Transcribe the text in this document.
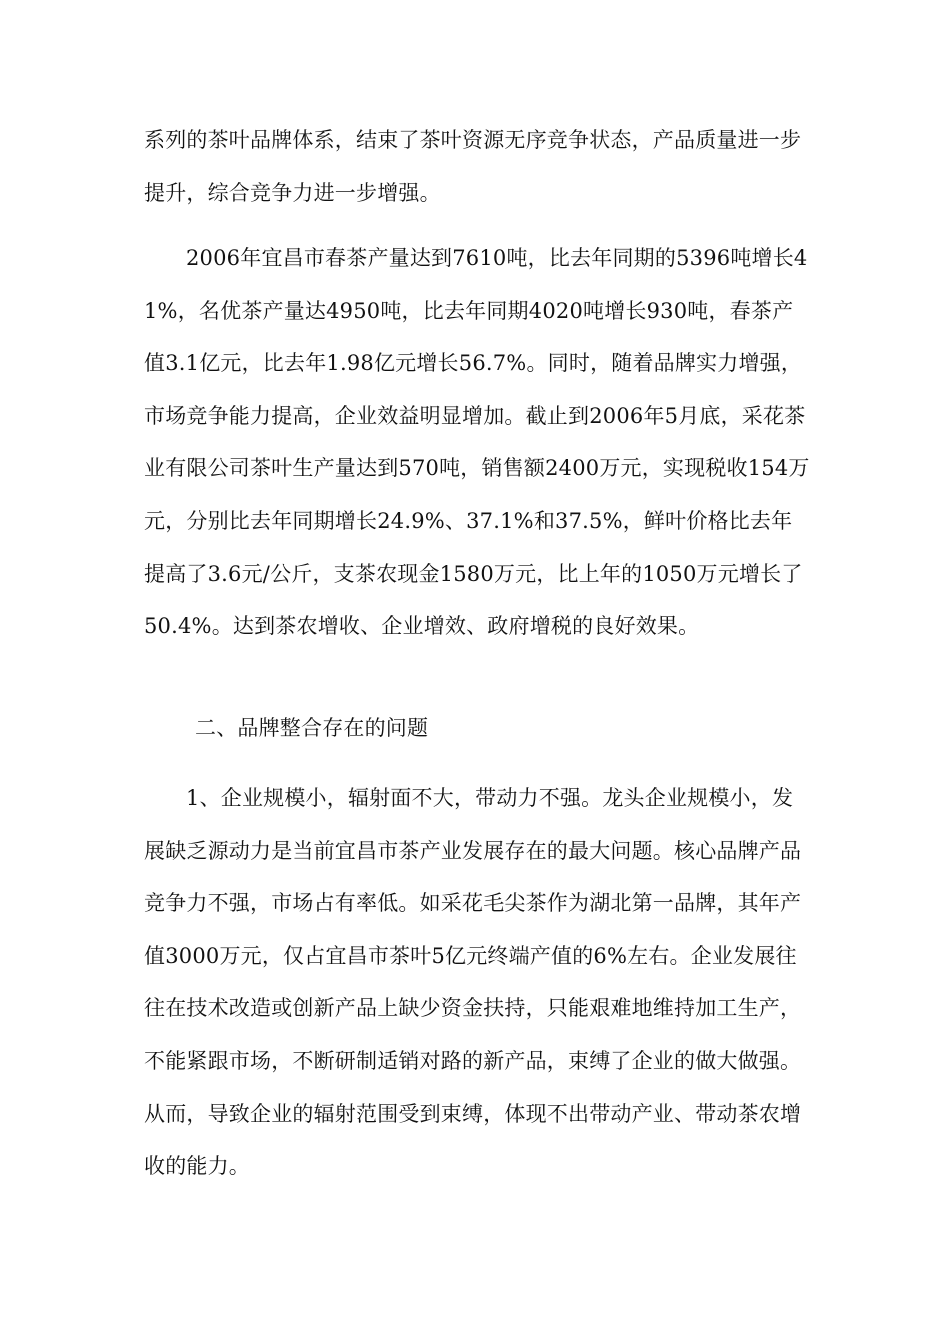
系列的茶叶品牌体系，结束了茶叶资源无序竞争状态，产品质量进一步提升，综合竞争力进一步增强。

2006年宜昌市春茶产量达到7610吨，比去年同期的5396吨增长41%，名优茶产量达4950吨，比去年同期4020吨增长930吨，春茶产值3.1亿元，比去年1.98亿元增长56.7%。同时，随着品牌实力增强，市场竞争能力提高，企业效益明显增加。截止到2006年5月底，采花茶业有限公司茶叶生产量达到570吨，销售额2400万元，实现税收154万元，分别比去年同期增长24.9%、37.1%和37.5%，鲜叶价格比去年提高了3.6元/公斤，支茶农现金1580万元，比上年的1050万元增长了50.4%。达到茶农增收、企业增效、政府增税的良好效果。

二、品牌整合存在的问题

1、企业规模小，辐射面不大，带动力不强。龙头企业规模小，发展缺乏源动力是当前宜昌市茶产业发展存在的最大问题。核心品牌产品竞争力不强，市场占有率低。如采花毛尖茶作为湖北第一品牌，其年产值3000万元，仅占宜昌市茶叶5亿元终端产值的6%左右。企业发展往往在技术改造或创新产品上缺少资金扶持，只能艰难地维持加工生产，不能紧跟市场，不断研制适销对路的新产品，束缚了企业的做大做强。从而，导致企业的辐射范围受到束缚，体现不出带动产业、带动茶农增收的能力。
